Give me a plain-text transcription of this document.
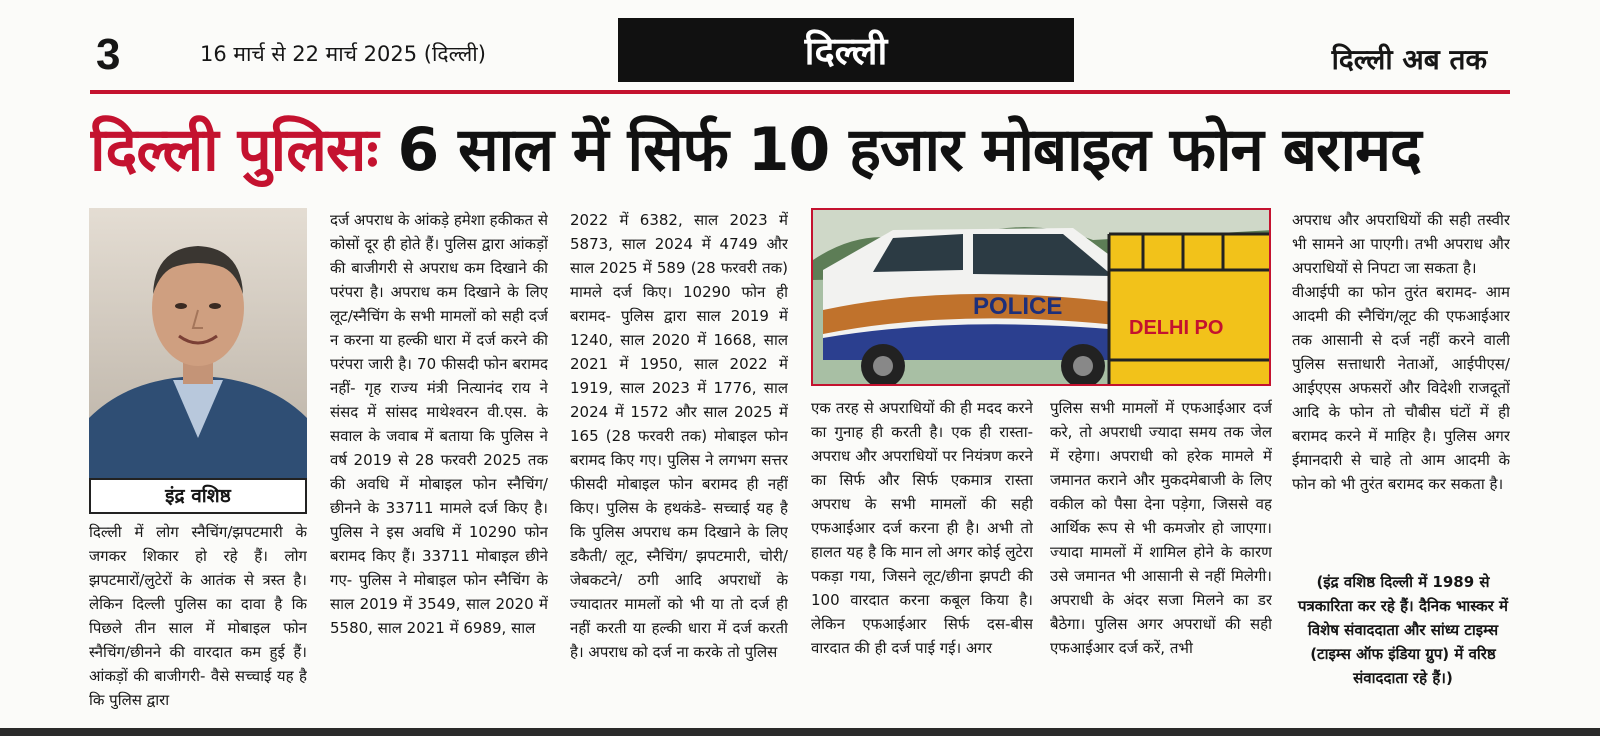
3	16 मार्च से 22 मार्च 2025 (दिल्ली)	दिल्ली	दिल्ली अब तक
दिल्ली पुलिसः 6 साल में सिर्फ 10 हजार मोबाइल फोन बरामद
इंद्र वशिष्ठ

दिल्ली में लोग स्नैचिंग/झपटमारी के जगकर शिकार हो रहे हैं। लोग झपटमारों/लुटेरों के आतंक से त्रस्त है। लेकिन दिल्ली पुलिस का दावा है कि पिछले तीन साल में मोबाइल फोन स्नैचिंग/छीनने की वारदात कम हुई हैं। आंकड़ों की बाजीगरी- वैसे सच्चाई यह है कि पुलिस द्वारा

दर्ज अपराध के आंकड़े हमेशा हकीकत से कोसों दूर ही होते हैं। पुलिस द्वारा आंकड़ों की बाजीगरी से अपराध कम दिखाने की परंपरा है। अपराध कम दिखाने के लिए लूट/स्नैचिंग के सभी मामलों को सही दर्ज न करना या हल्की धारा में दर्ज करने की परंपरा जारी है। 70 फीसदी फोन बरामद नहीं- गृह राज्य मंत्री नित्यानंद राय ने संसद में सांसद माथेश्वरन वी.एस. के सवाल के जवाब में बताया कि पुलिस ने वर्ष 2019 से 28 फरवरी 2025 तक की अवधि में मोबाइल फोन स्नैचिंग/छीनने के 33711 मामले दर्ज किए है। पुलिस ने इस अवधि में 10290 फोन बरामद किए हैं। 33711 मोबाइल छीने गए- पुलिस ने मोबाइल फोन स्नैचिंग के साल 2019 में 3549, साल 2020 में 5580, साल 2021 में 6989, साल

2022 में 6382, साल 2023 में 5873, साल 2024 में 4749 और साल 2025 में 589 (28 फरवरी तक) मामले दर्ज किए। 10290 फोन ही बरामद- पुलिस द्वारा साल 2019 में 1240, साल 2020 में 1668, साल 2021 में 1950, साल 2022 में 1919, साल 2023 में 1776, साल 2024 में 1572 और साल 2025 में 165 (28 फरवरी तक) मोबाइल फोन बरामद किए गए। पुलिस ने लगभग सत्तर फीसदी मोबाइल फोन बरामद ही नहीं किए। पुलिस के हथकंडे- सच्चाई यह है कि पुलिस अपराध कम दिखाने के लिए डकैती/ लूट, स्नैचिंग/ झपटमारी, चोरी/ जेबकटने/ ठगी आदि अपराधों के ज्यादातर मामलों को भी या तो दर्ज ही नहीं करती या हल्की धारा में दर्ज करती है। अपराध को दर्ज ना करके तो पुलिस

POLICE
DELHI PO

एक तरह से अपराधियों की ही मदद करने का गुनाह ही करती है। एक ही रास्ता- अपराध और अपराधियों पर नियंत्रण करने का सिर्फ और सिर्फ एकमात्र रास्ता अपराध के सभी मामलों की सही एफआईआर दर्ज करना ही है। अभी तो हालत यह है कि मान लो अगर कोई लुटेरा पकड़ा गया, जिसने लूट/छीना झपटी की 100 वारदात करना कबूल किया है। लेकिन एफआईआर सिर्फ दस-बीस वारदात की ही दर्ज पाई गई। अगर

पुलिस सभी मामलों में एफआईआर दर्ज करे, तो अपराधी ज्यादा समय तक जेल में रहेगा। अपराधी को हरेक मामले में जमानत कराने और मुकदमेबाजी के लिए वकील को पैसा देना पड़ेगा, जिससे वह आर्थिक रूप से भी कमजोर हो जाएगा। ज्यादा मामलों में शामिल होने के कारण उसे जमानत भी आसानी से नहीं मिलेगी। अपराधी के अंदर सजा मिलने का डर बैठेगा। पुलिस अगर अपराधों की सही एफआईआर दर्ज करें, तभी

अपराध और अपराधियों की सही तस्वीर भी सामने आ पाएगी। तभी अपराध और अपराधियों से निपटा जा सकता है।

वीआईपी का फोन तुरंत बरामद- आम आदमी की स्नैचिंग/लूट की एफआईआर तक आसानी से दर्ज नहीं करने वाली पुलिस सत्ताधारी नेताओं, आईपीएस/आईएएस अफसरों और विदेशी राजदूतों आदि के फोन तो चौबीस घंटों में ही बरामद करने में माहिर है। पुलिस अगर ईमानदारी से चाहे तो आम आदमी के फोन को भी तुरंत बरामद कर सकता है।

(इंद्र वशिष्ठ दिल्ली में 1989 से पत्रकारिता कर रहे हैं। दैनिक भास्कर में विशेष संवाददाता और सांध्य टाइम्स (टाइम्स ऑफ इंडिया ग्रुप) में वरिष्ठ संवाददाता रहे हैं।)
